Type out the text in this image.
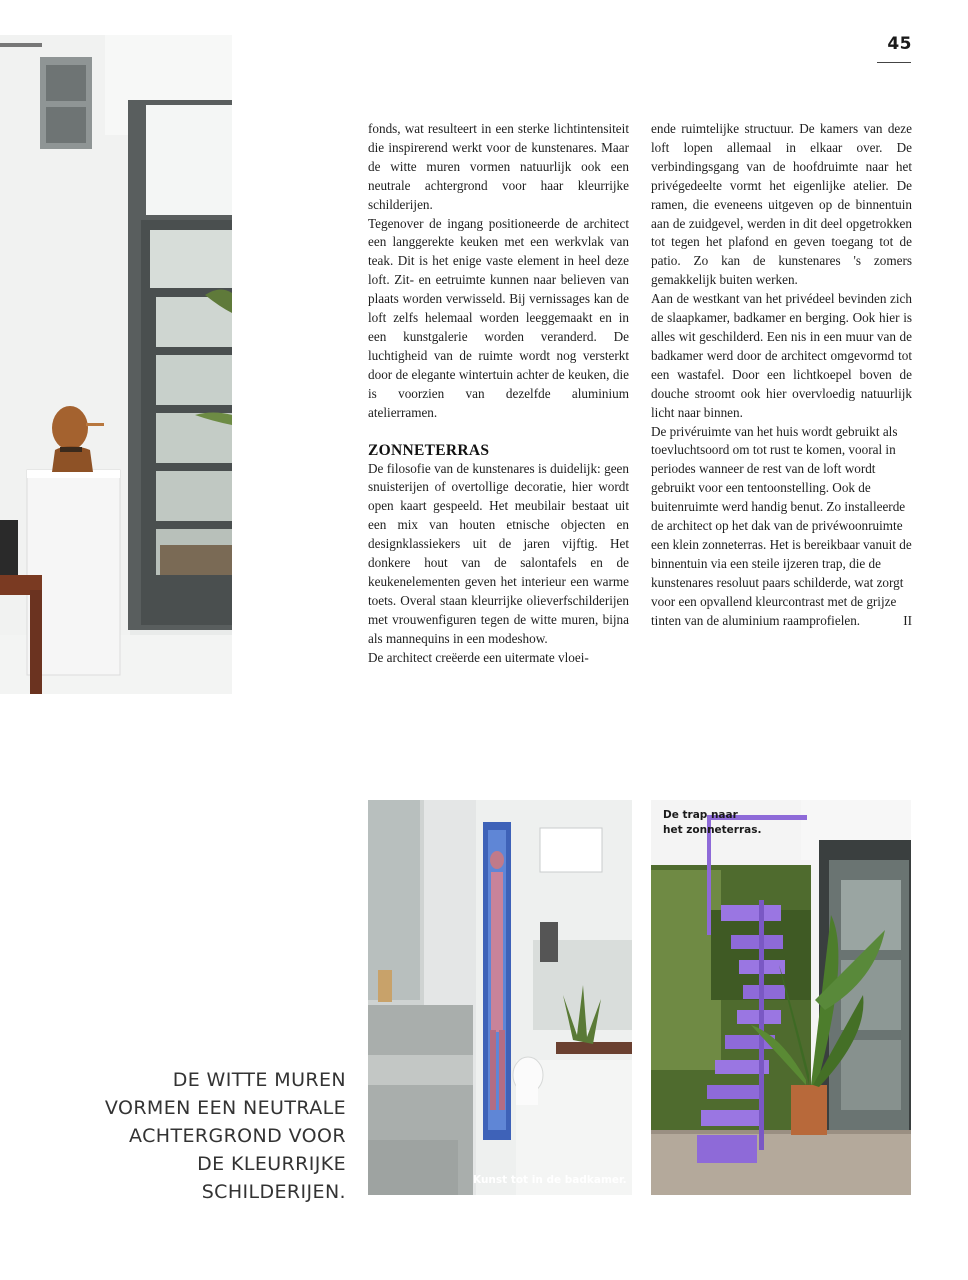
45

fonds, wat resulteert in een sterke lichtintensiteit die inspirerend werkt voor de kunstenares. Maar de witte muren vormen natuurlijk ook een neutrale achtergrond voor haar kleurrijke schilderijen.

Tegenover de ingang positioneerde de architect een langgerekte keuken met een werkvlak van teak. Dit is het enige vaste element in heel deze loft. Zit- en eetruimte kunnen naar believen van plaats worden verwisseld. Bij vernissages kan de loft zelfs helemaal worden leeggemaakt en in een kunstgalerie worden veranderd. De luchtigheid van de ruimte wordt nog versterkt door de elegante wintertuin achter de keuken, die is voorzien van dezelfde aluminium atelierramen.

ZONNETERRAS

De filosofie van de kunstenares is duidelijk: geen snuisterijen of overtollige decoratie, hier wordt open kaart gespeeld. Het meubilair bestaat uit een mix van houten etnische objecten en designklassiekers uit de jaren vijftig. Het donkere hout van de salontafels en de keukenelementen geven het interieur een warme toets. Overal staan kleurrijke olieverfschilderijen met vrouwenfiguren tegen de witte muren, bijna als mannequins in een modeshow.

De architect creëerde een uitermate vloei-

ende ruimtelijke structuur. De kamers van deze loft lopen allemaal in elkaar over. De verbindingsgang van de hoofdruimte naar het privégedeelte vormt het eigenlijke atelier. De ramen, die eveneens uitgeven op de binnentuin aan de zuidgevel, werden in dit deel opgetrokken tot tegen het plafond en geven toegang tot de patio. Zo kan de kunstenares 's zomers gemakkelijk buiten werken.

Aan de westkant van het privédeel bevinden zich de slaapkamer, badkamer en berging. Ook hier is alles wit geschilderd. Een nis in een muur van de badkamer werd door de architect omgevormd tot een wastafel. Door een lichtkoepel boven de douche stroomt ook hier overvloedig natuurlijk licht naar binnen.

De privéruimte van het huis wordt gebruikt als toevluchtsoord om tot rust te komen, vooral in periodes wanneer de rest van de loft wordt gebruikt voor een tentoonstelling. Ook de buitenruimte werd handig benut. Zo installeerde de architect op het dak van de privéwoonruimte een klein zonneterras. Het is bereikbaar vanuit de binnentuin via een steile ijzeren trap, die de kunstenares resoluut paars schilderde, wat zorgt voor een opvallend kleurcontrast met de grijze tinten van de aluminium raamprofielen.	II
Kunst tot in de badkamer.
De trap naar
het zonneterras.
DE WITTE MUREN
VORMEN EEN NEUTRALE
ACHTERGROND VOOR
DE KLEURRIJKE
SCHILDERIJEN.
